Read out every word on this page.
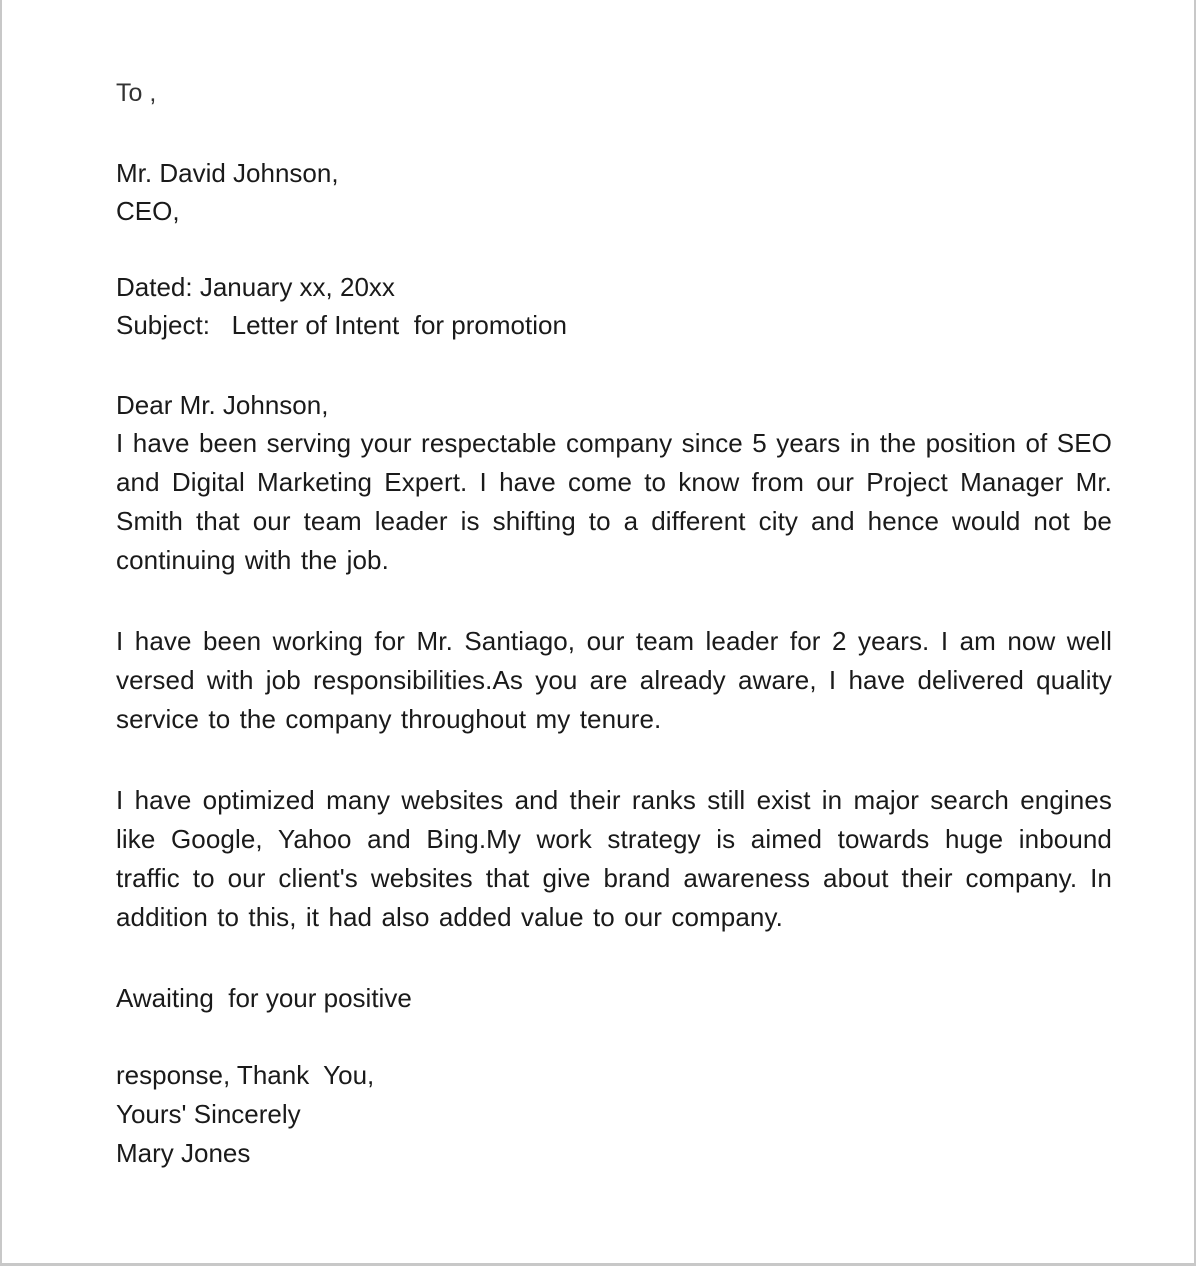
To ,
Mr. David Johnson,
CEO,
Dated: January xx, 20xx
Subject:   Letter of Intent  for promotion
Dear Mr. Johnson,

I have been serving your respectable company since 5 years in the position of SEO and Digital Marketing Expert. I have come to know from our Project Manager Mr. Smith that our team leader is shifting to a different city and hence would not be continuing with the job.

I have been working for Mr. Santiago, our team leader for 2 years. I am now well versed with job responsibilities.As you are already aware, I have delivered quality service to the company throughout my tenure.

I have optimized many websites and their ranks still exist in major search engines like Google, Yahoo and Bing.My work strategy is aimed towards huge inbound traffic to our client's websites that give brand awareness about their company. In addition to this, it had also added value to our company.

Awaiting  for your positive
response, Thank  You,
Yours' Sincerely
Mary Jones
